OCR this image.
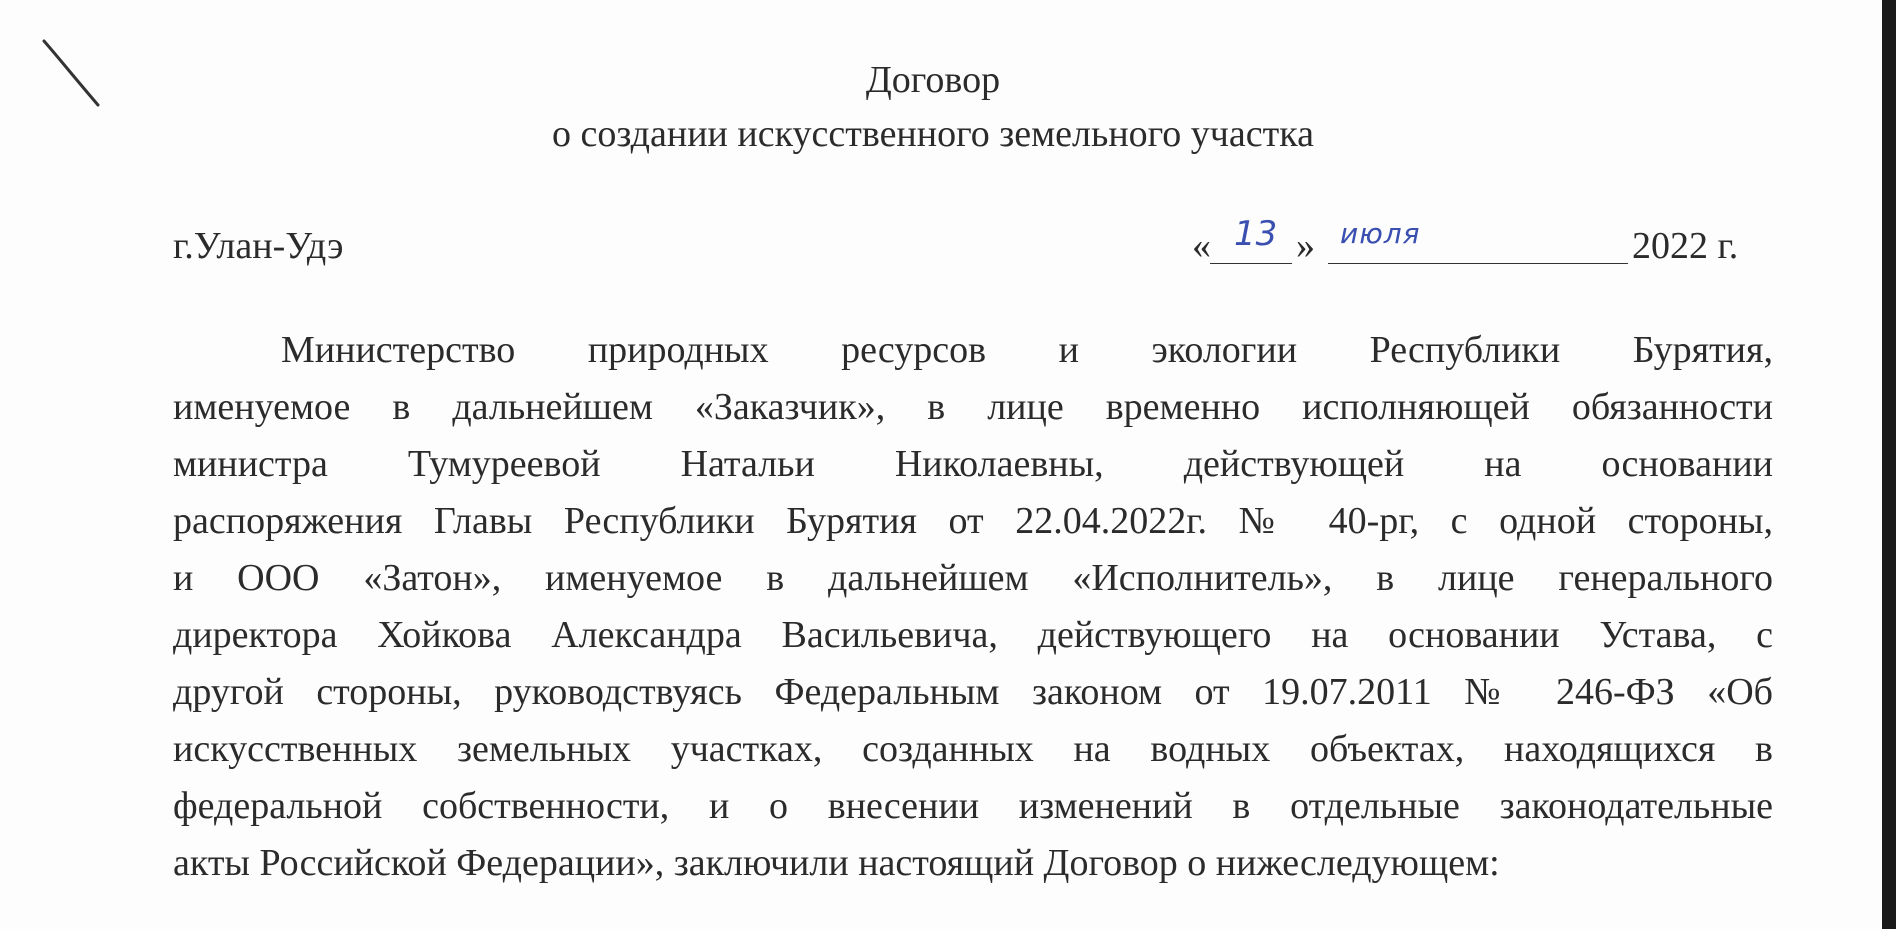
Договор
о создании искусственного земельного участка
г.Улан-Удэ	« 13 » июля	2022 г.
Министерство природных ресурсов и экологии Республики Бурятия,
именуемое в дальнейшем «Заказчик», в лице временно исполняющей обязанности
министра Тумуреевой Натальи Николаевны, действующей на основании
распоряжения Главы Республики Бурятия от 22.04.2022г. № 40-рг, с одной стороны,
и ООО «Затон», именуемое в дальнейшем «Исполнитель», в лице генерального
директора Хойкова Александра Васильевича, действующего на основании Устава, с
другой стороны, руководствуясь Федеральным законом от 19.07.2011 № 246-ФЗ «Об
искусственных земельных участках, созданных на водных объектах, находящихся в
федеральной собственности, и о внесении изменений в отдельные законодательные
акты Российской Федерации», заключили настоящий Договор о нижеследующем:
